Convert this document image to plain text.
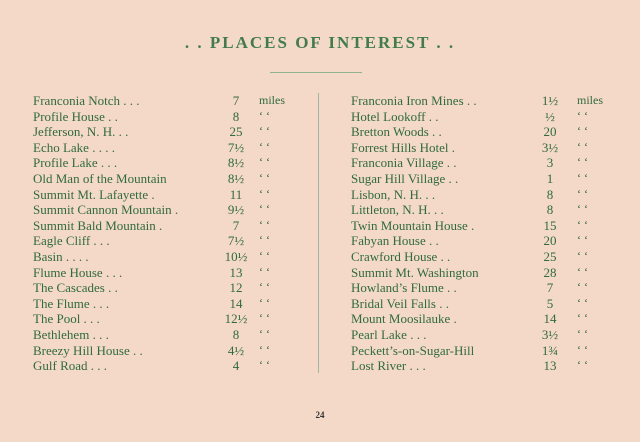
. . PLACES OF INTEREST . .
Franconia Notch . . .	7	miles
Profile House . .	8	‘ ‘
Jefferson, N. H. . .	25	‘ ‘
Echo Lake . . . .	7½	‘ ‘
Profile Lake . . .	8½	‘ ‘
Old Man of the Mountain	8½	‘ ‘
Summit Mt. Lafayette .	11	‘ ‘
Summit Cannon Mountain .	9½	‘ ‘
Summit Bald Mountain .	7	‘ ‘
Eagle Cliff . . .	7½	‘ ‘
Basin . . . .	10½ ‘ ‘
Flume House . . .	13	‘ ‘
The Cascades . .	12	‘ ‘
The Flume . . .	14	‘ ‘
The Pool . . .	12½ ‘ ‘
Bethlehem . . .	8	‘ ‘
Breezy Hill House . .	4½	‘ ‘
Gulf Road . . .	4	‘ ‘
Franconia Iron Mines . .	1½	miles
Hotel Lookoff . .	½	‘ ‘
Bretton Woods . .	20	‘ ‘
Forrest Hills Hotel .	3½	‘ ‘
Franconia Village . .	3	‘ ‘
Sugar Hill Village . .	1	‘ ‘
Lisbon, N. H. . .	8	‘ ‘
Littleton, N. H. . .	8	‘ ‘
Twin Mountain House .	15	‘ ‘
Fabyan House . .	20	‘ ‘
Crawford House . .	25	‘ ‘
Summit Mt. Washington	28	‘ ‘
Howland’s Flume . .	7	‘ ‘
Bridal Veil Falls . .	5	‘ ‘
Mount Moosilauke .	14	‘ ‘
Pearl Lake . . .	3½	‘ ‘
Peckett’s-on-Sugar-Hill	1¾	‘ ‘
Lost River . . .	13	‘ ‘
24
